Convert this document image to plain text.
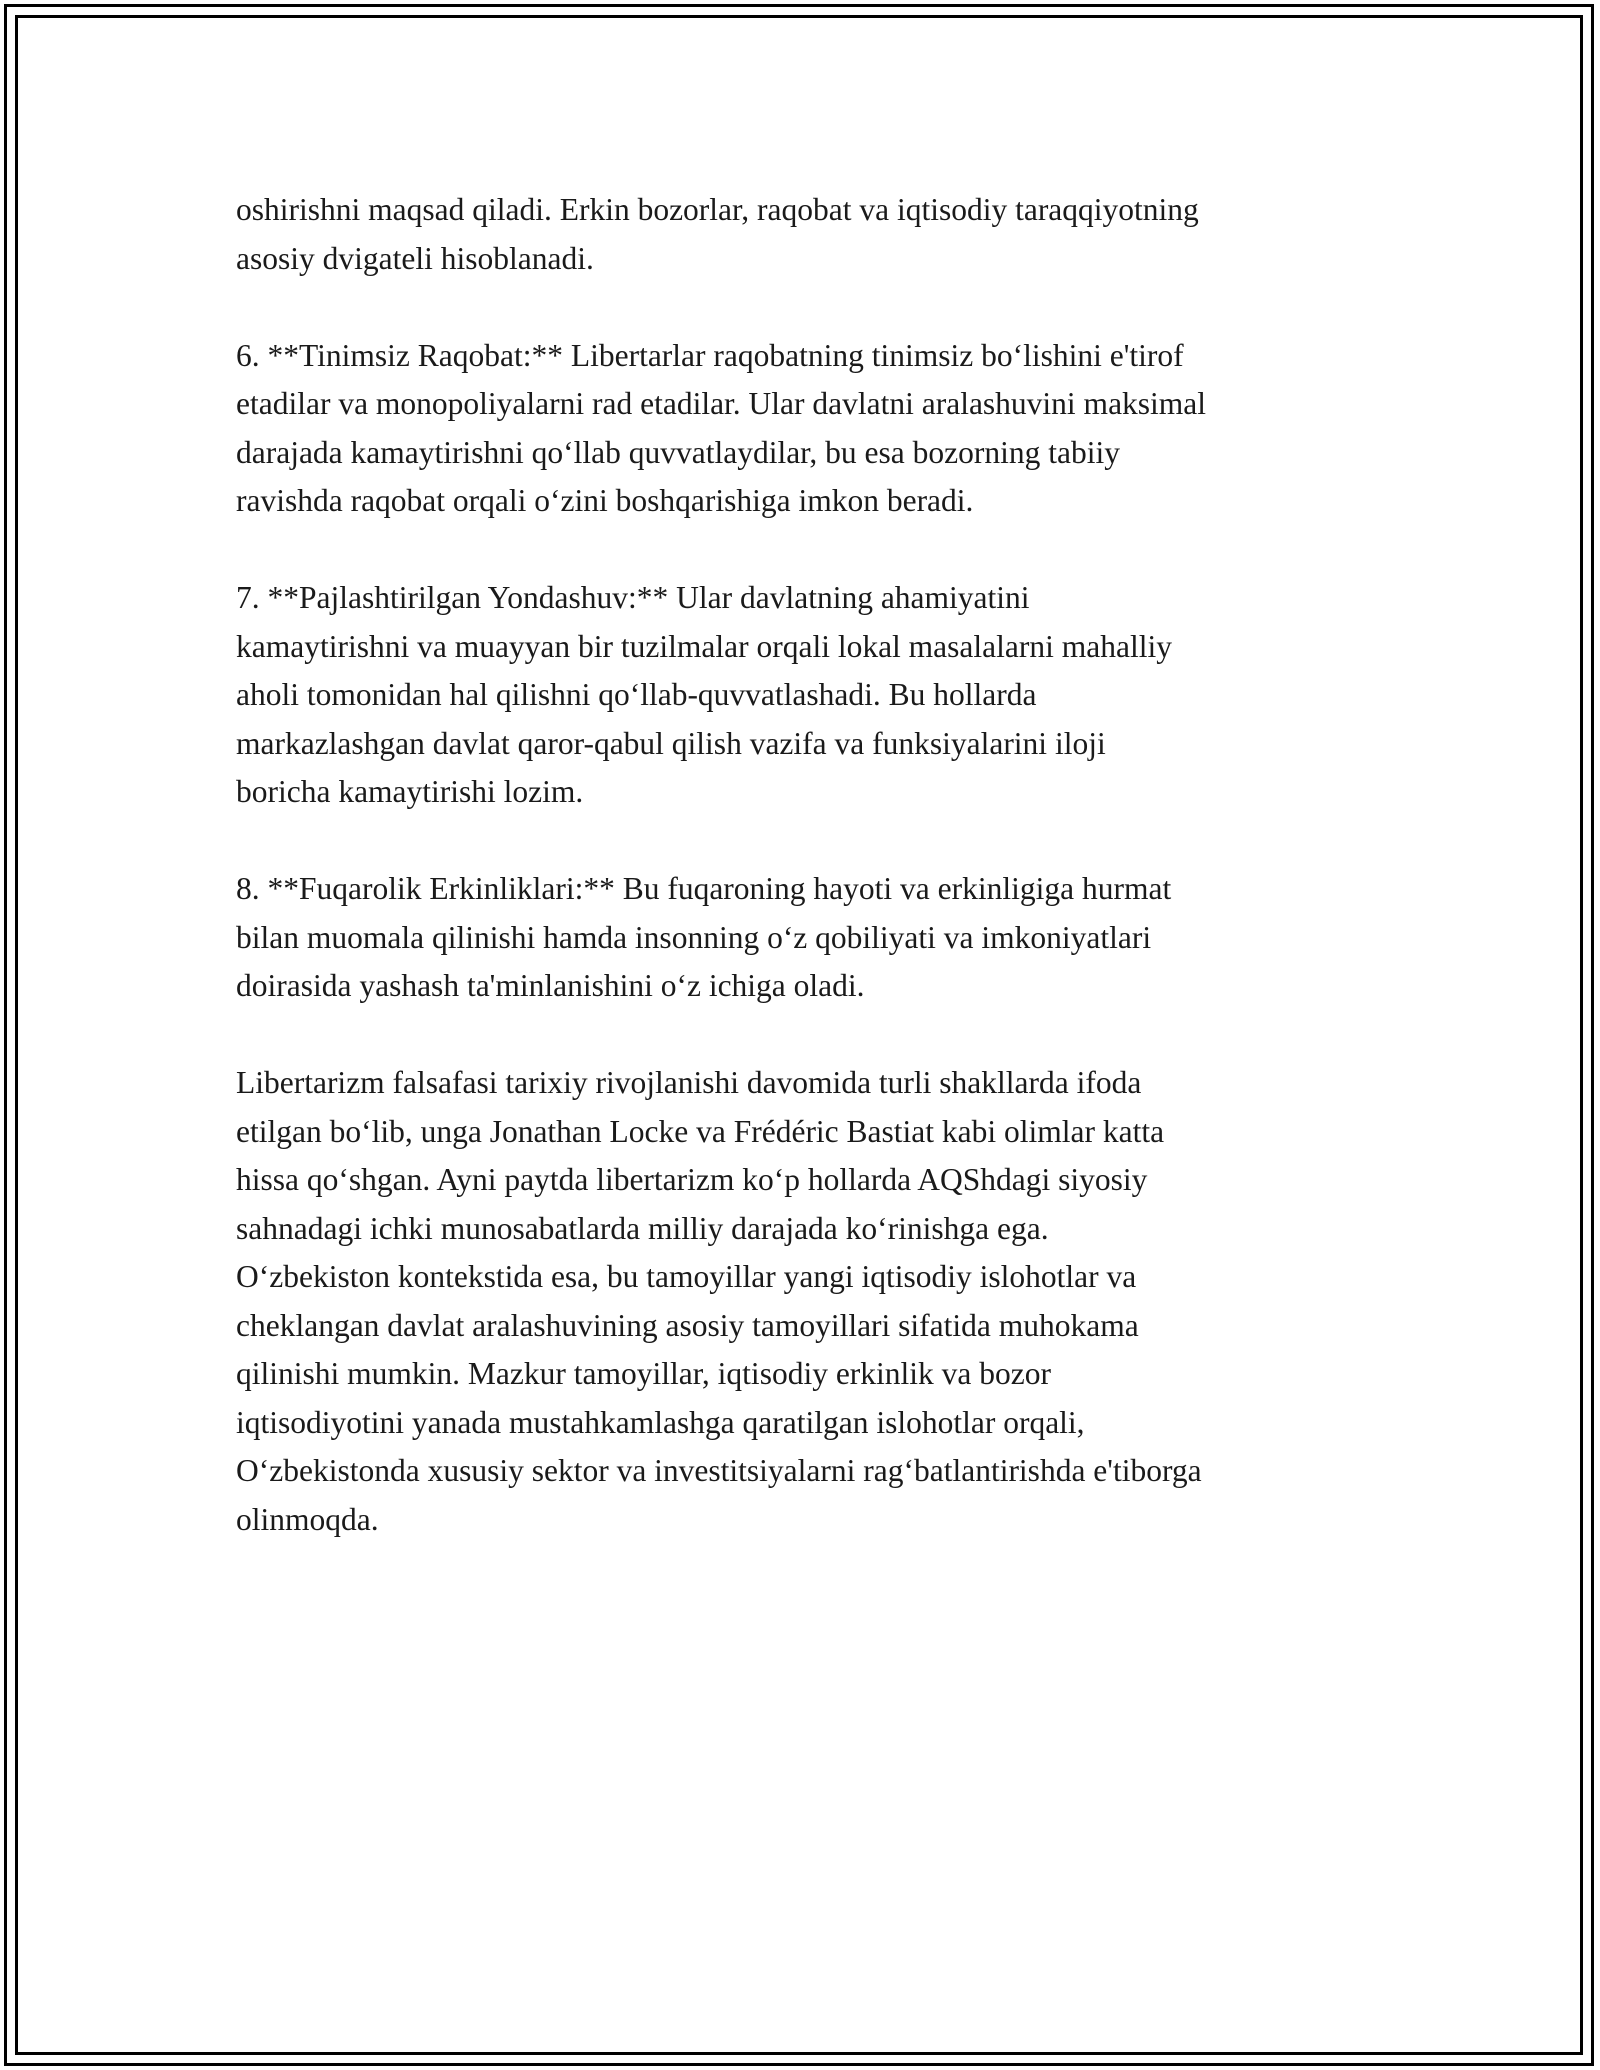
oshirishni maqsad qiladi. Erkin bozorlar, raqobat va iqtisodiy taraqqiyotning
asosiy dvigateli hisoblanadi.

6. **Tinimsiz Raqobat:** Libertarlar raqobatning tinimsiz bo‘lishini e'tirof
etadilar va monopoliyalarni rad etadilar. Ular davlatni aralashuvini maksimal
darajada kamaytirishni qo‘llab quvvatlaydilar, bu esa bozorning tabiiy
ravishda raqobat orqali o‘zini boshqarishiga imkon beradi.

7. **Pajlashtirilgan Yondashuv:** Ular davlatning ahamiyatini
kamaytirishni va muayyan bir tuzilmalar orqali lokal masalalarni mahalliy
aholi tomonidan hal qilishni qo‘llab-quvvatlashadi. Bu hollarda
markazlashgan davlat qaror-qabul qilish vazifa va funksiyalarini iloji
boricha kamaytirishi lozim.

8. **Fuqarolik Erkinliklari:** Bu fuqaroning hayoti va erkinligiga hurmat
bilan muomala qilinishi hamda insonning o‘z qobiliyati va imkoniyatlari
doirasida yashash ta'minlanishini o‘z ichiga oladi.

Libertarizm falsafasi tarixiy rivojlanishi davomida turli shakllarda ifoda
etilgan bo‘lib, unga Jonathan Locke va Frédéric Bastiat kabi olimlar katta
hissa qo‘shgan. Ayni paytda libertarizm ko‘p hollarda AQShdagi siyosiy
sahnadagi ichki munosabatlarda milliy darajada ko‘rinishga ega.
O‘zbekiston kontekstida esa, bu tamoyillar yangi iqtisodiy islohotlar va
cheklangan davlat aralashuvining asosiy tamoyillari sifatida muhokama
qilinishi mumkin. Mazkur tamoyillar, iqtisodiy erkinlik va bozor
iqtisodiyotini yanada mustahkamlashga qaratilgan islohotlar orqali,
O‘zbekistonda xususiy sektor va investitsiyalarni rag‘batlantirishda e'tiborga
olinmoqda.
